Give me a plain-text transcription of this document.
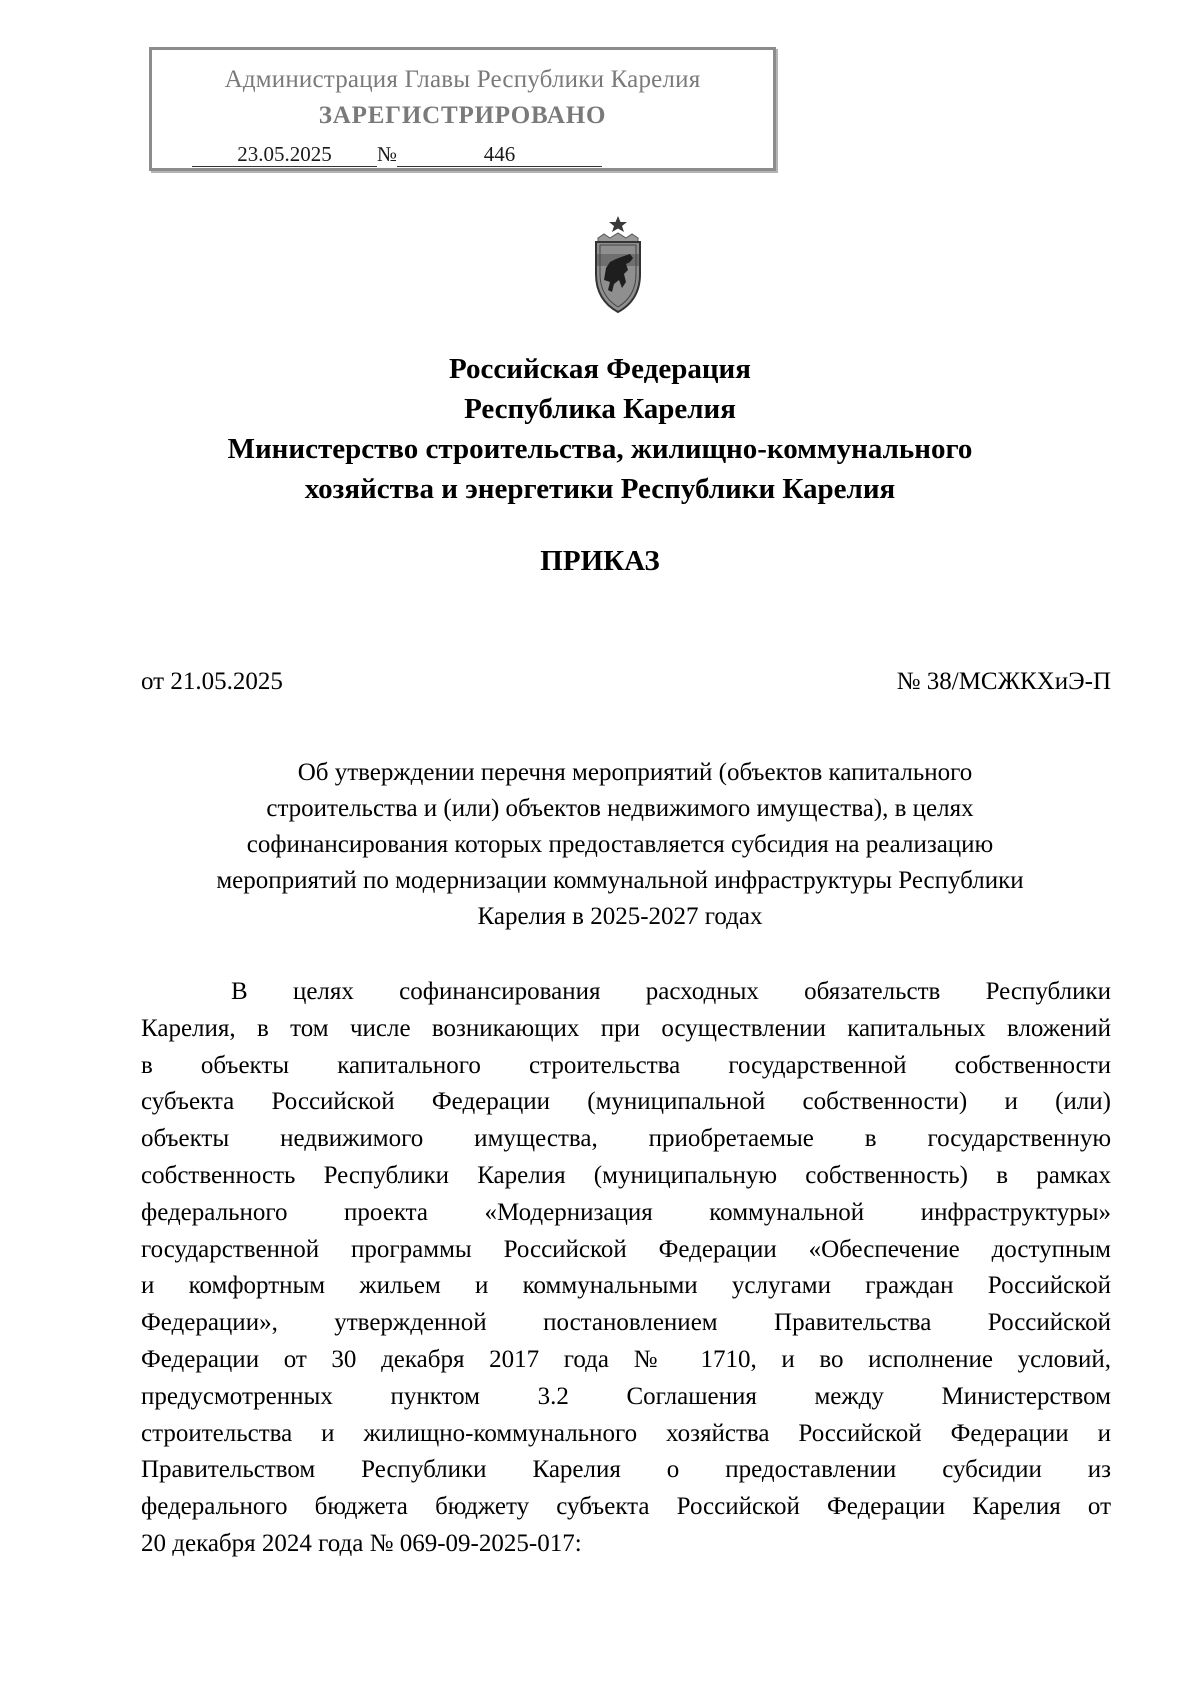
Администрация Главы Республики Карелия
ЗАРЕГИСТРИРОВАНО
23.05.2025 №	446
Российская Федерация
Республика Карелия
Министерство строительства, жилищно-коммунального
хозяйства и энергетики Республики Карелия
ПРИКАЗ
от 21.05.2025	№ 38/МСЖКХиЭ-П
Об утверждении перечня мероприятий (объектов капитального
строительства и (или) объектов недвижимого имущества), в целях
софинансирования которых предоставляется субсидия на реализацию
мероприятий по модернизации коммунальной инфраструктуры Республики
Карелия в 2025-2027 годах
В целях софинансирования расходных обязательств Республики
Карелия, в том числе возникающих при осуществлении капитальных вложений
в объекты капитального строительства государственной собственности
субъекта Российской Федерации (муниципальной собственности) и (или)
объекты недвижимого имущества, приобретаемые в государственную
собственность Республики Карелия (муниципальную собственность) в рамках
федерального проекта «Модернизация коммунальной инфраструктуры»
государственной программы Российской Федерации «Обеспечение доступным
и комфортным жильем и коммунальными услугами граждан Российской
Федерации», утвержденной постановлением Правительства Российской
Федерации от 30 декабря 2017 года № 1710, и во исполнение условий,
предусмотренных пунктом 3.2 Соглашения между Министерством
строительства и жилищно-коммунального хозяйства Российской Федерации и
Правительством Республики Карелия о предоставлении субсидии из
федерального бюджета бюджету субъекта Российской Федерации Карелия от
20 декабря 2024 года № 069-09-2025-017:
